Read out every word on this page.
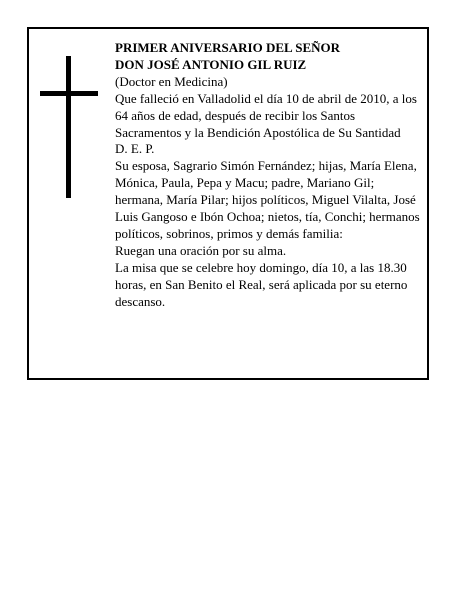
PRIMER ANIVERSARIO DEL SEÑOR

DON JOSÉ ANTONIO GIL RUIZ

(Doctor en Medicina)

Que falleció en Valladolid el día 10 de abril de 2010, a los 64 años de edad, después de recibir los Santos Sacramentos y la Bendición Apostólica de Su Santidad

D. E. P.

Su esposa, Sagrario Simón Fernández; hijas, María Elena, Mónica, Paula, Pepa y Macu; padre, Mariano Gil; hermana, María Pilar; hijos políticos, Miguel Vilalta, José Luis Gangoso e Ibón Ochoa; nietos, tía, Conchi; hermanos políticos, sobrinos, primos y demás familia:

Ruegan una oración por su alma.

La misa que se celebre hoy domingo, día 10, a las 18.30 horas, en San Benito el Real, será aplicada por su eterno descanso.
